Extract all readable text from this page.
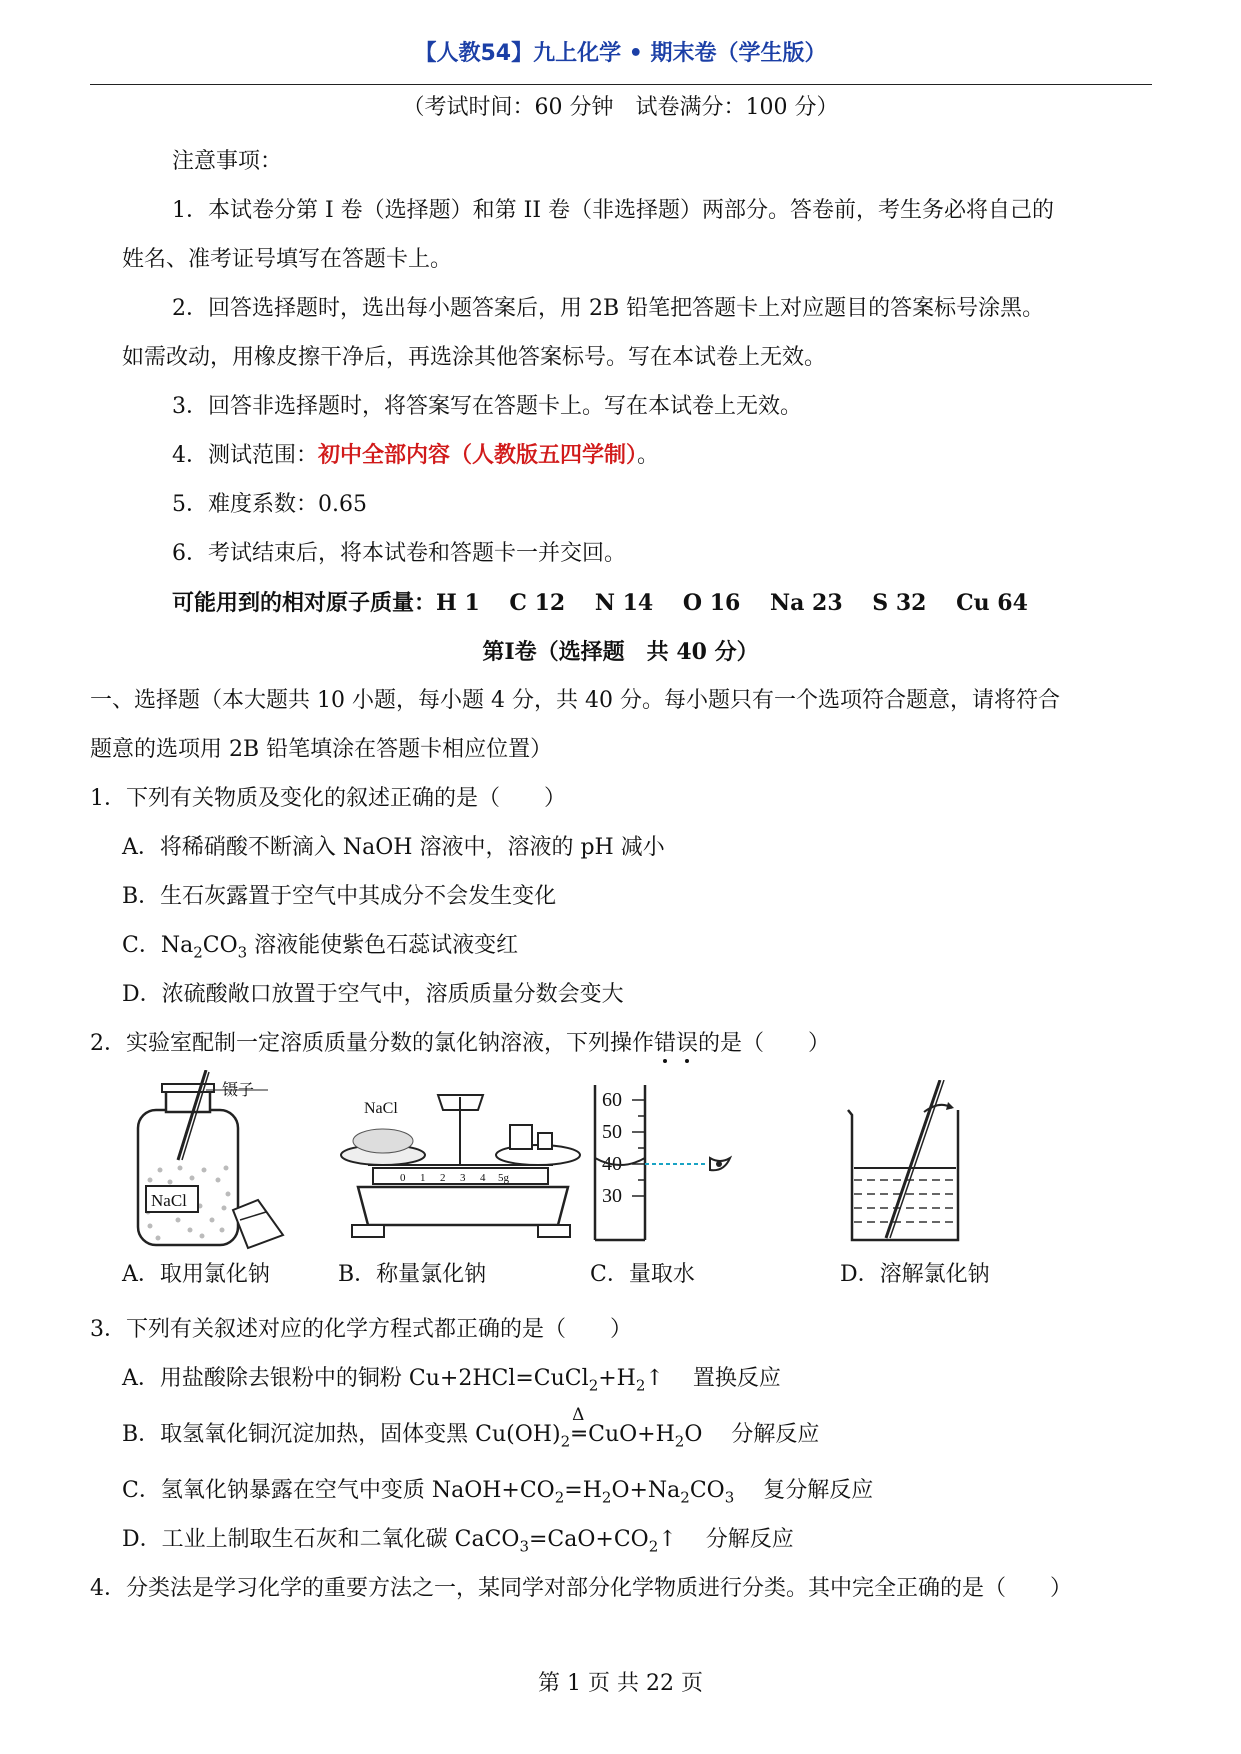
【人教54】九上化学 • 期末卷（学生版）
（考试时间：60 分钟　试卷满分：100 分）
注意事项：
1．本试卷分第 I 卷（选择题）和第 II 卷（非选择题）两部分。答卷前，考生务必将自己的
姓名、准考证号填写在答题卡上。
2．回答选择题时，选出每小题答案后，用 2B 铅笔把答题卡上对应题目的答案标号涂黑。
如需改动，用橡皮擦干净后，再选涂其他答案标号。写在本试卷上无效。
3．回答非选择题时，将答案写在答题卡上。写在本试卷上无效。
4．测试范围：初中全部内容（人教版五四学制）。
5．难度系数：0.65
6．考试结束后，将本试卷和答题卡一并交回。
可能用到的相对原子质量：H 1　 C 12　 N 14　 O 16　 Na 23　 S 32　 Cu 64
第Ⅰ卷（选择题　共 40 分）
一、选择题（本大题共 10 小题，每小题 4 分，共 40 分。每小题只有一个选项符合题意，请将符合
题意的选项用 2B 铅笔填涂在答题卡相应位置）
1．下列有关物质及变化的叙述正确的是（　　）
A．将稀硝酸不断滴入 NaOH 溶液中，溶液的 pH 减小
B．生石灰露置于空气中其成分不会发生变化
C．$Na_2CO_3$ 溶液能使紫色石蕊试液变红
D．浓硫酸敞口放置于空气中，溶质质量分数会变大
2．实验室配制一定溶质质量分数的氯化钠溶液，下列操作错误的是（　　）
NaCl
镊子
NaCl
0 1 2 3 4 5g
60
50
40
30
A．取用氯化钠	B．称量氯化钠	C．量取水	D．溶解氯化钠
3．下列有关叙述对应的化学方程式都正确的是（　　）
A．用盐酸除去银粉中的铜粉 $Cu+2HCl=CuCl_2+H_2↑$　 置换反应
B．取氢氧化铜沉淀加热，固体变黑 $Cu(OH)_2$
Δ
═ $CuO+H_2O$　 分解反应
C．氢氧化钠暴露在空气中变质 $NaOH+CO_2=H_2O+Na_2CO_3$　 复分解反应
D．工业上制取生石灰和二氧化碳 $CaCO_3=CaO+CO_2↑$　 分解反应
4．分类法是学习化学的重要方法之一，某同学对部分化学物质进行分类。其中完全正确的是（　　）
第 1 页 共 22 页
